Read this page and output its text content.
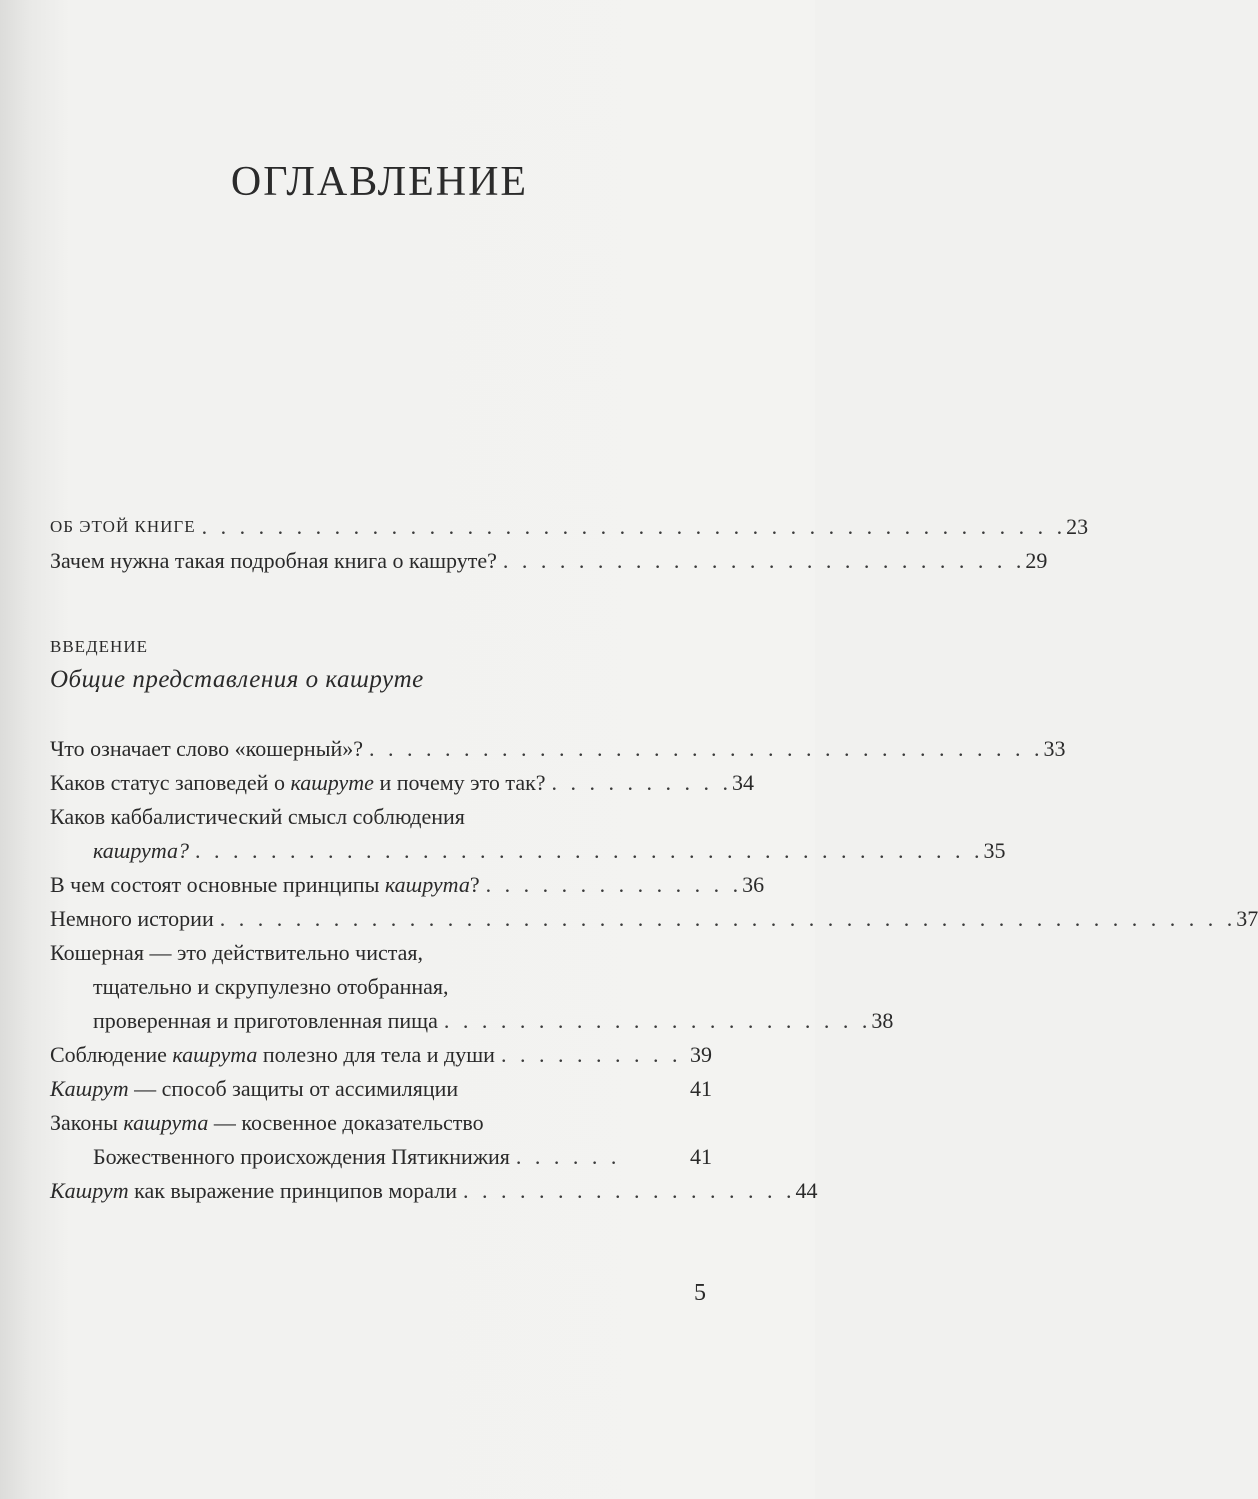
ОГЛАВЛЕНИЕ
ОБ ЭТОЙ КНИГЕ . . . . . . . . . . . . . . . . . . . . . . . . . . . . . . . . . . . . . . . . . . . . . . 23
Зачем нужна такая подробная книга о кашруте? . . . . . . . . . . . . . . . . . . . . . . . . . . . . 29
ВВЕДЕНИЕ
Общие представления о кашруте
Что означает слово «кошерный»? . . . . . . . . . . . . . . . . . . . . . . . . . . . . . . . . . . . . 33
Каков статус заповедей о кашруте и почему это так? . . . . . . . . . . 34
Каков каббалистический смысл соблюдения
кашрута? . . . . . . . . . . . . . . . . . . . . . . . . . . . . . . . . . . . . . . . . . . 35
В чем состоят основные принципы кашрута? . . . . . . . . . . . . . . 36
Немного истории . . . . . . . . . . . . . . . . . . . . . . . . . . . . . . . . . . . . . . . . . . . . . . . . . . . . . . 37
Кошерная — это действительно чистая,
тщательно и скрупулезно отобранная,
проверенная и приготовленная пища . . . . . . . . . . . . . . . . . . . . . . . 38
Соблюдение кашрута полезно для тела и души . . . . . . . . . . 39
Кашрут — способ защиты от ассимиляции	41
Законы кашрута — косвенное доказательство
Божественного происхождения Пятикнижия . . . . . .	41
Кашрут как выражение принципов морали . . . . . . . . . . . . . . . . . . 44
5
